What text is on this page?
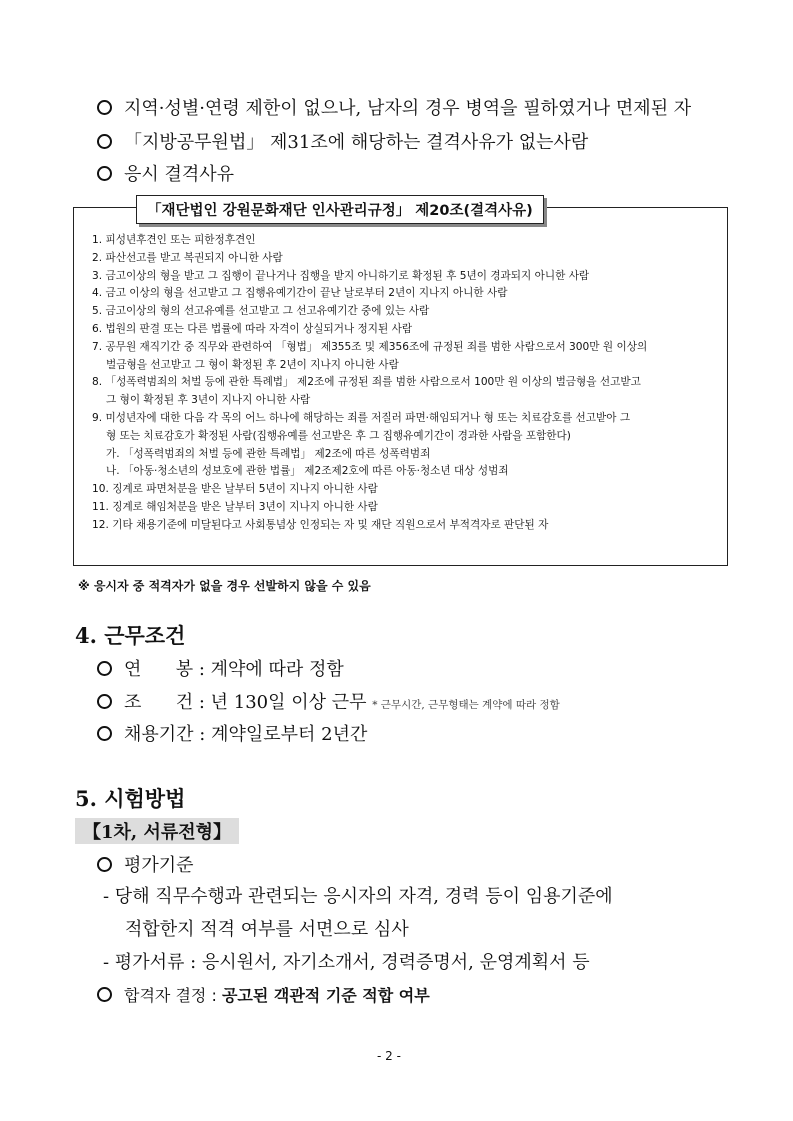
지역·성별·연령 제한이 없으나, 남자의 경우 병역을 필하였거나 면제된 자
「지방공무원법」 제31조에 해당하는 결격사유가 없는사람
응시 결격사유
「재단법인 강원문화재단 인사관리규정」 제20조(결격사유)
1. 피성년후견인 또는 피한정후견인
2. 파산선고를 받고 복권되지 아니한 사람
3. 금고이상의 형을 받고 그 집행이 끝나거나 집행을 받지 아니하기로 확정된 후 5년이 경과되지 아니한 사람
4. 금고 이상의 형을 선고받고 그 집행유예기간이 끝난 날로부터 2년이 지나지 아니한 사람
5. 금고이상의 형의 선고유예를 선고받고 그 선고유예기간 중에 있는 사람
6. 법원의 판결 또는 다른 법률에 따라 자격이 상실되거나 정지된 사람
7. 공무원 재직기간 중 직무와 관련하여 「형법」 제355조 및 제356조에 규정된 죄를 범한 사람으로서 300만 원 이상의
벌금형을 선고받고 그 형이 확정된 후 2년이 지나지 아니한 사람
8. 「성폭력범죄의 처벌 등에 관한 특례법」 제2조에 규정된 죄를 범한 사람으로서 100만 원 이상의 벌금형을 선고받고
그 형이 확정된 후 3년이 지나지 아니한 사람
9. 미성년자에 대한 다음 각 목의 어느 하나에 해당하는 죄를 저질러 파면·해임되거나 형 또는 치료감호를 선고받아 그
형 또는 치료감호가 확정된 사람(집행유예를 선고받은 후 그 집행유예기간이 경과한 사람을 포함한다)
가. 「성폭력범죄의 처벌 등에 관한 특례법」 제2조에 따른 성폭력범죄
나. 「아동·청소년의 성보호에 관한 법률」 제2조제2호에 따른 아동·청소년 대상 성범죄
10. 징계로 파면처분을 받은 날부터 5년이 지나지 아니한 사람
11. 징계로 해임처분을 받은 날부터 3년이 지나지 아니한 사람
12. 기타 채용기준에 미달된다고 사회통념상 인정되는 자 및 재단 직원으로서 부적격자로 판단된 자
※ 응시자 중 적격자가 없을 경우 선발하지 않을 수 있음
4. 근무조건
연      봉 : 계약에 따라 정함
조      건 : 년 130일 이상 근무 * 근무시간, 근무형태는 계약에 따라 정함
채용기간 : 계약일로부터 2년간
5. 시험방법
【1차, 서류전형】
평가기준
- 당해 직무수행과 관련되는 응시자의 자격, 경력 등이 임용기준에
적합한지 적격 여부를 서면으로 심사
- 평가서류 : 응시원서, 자기소개서, 경력증명서, 운영계획서 등
합격자 결정 : 공고된 객관적 기준 적합 여부
- 2 -
